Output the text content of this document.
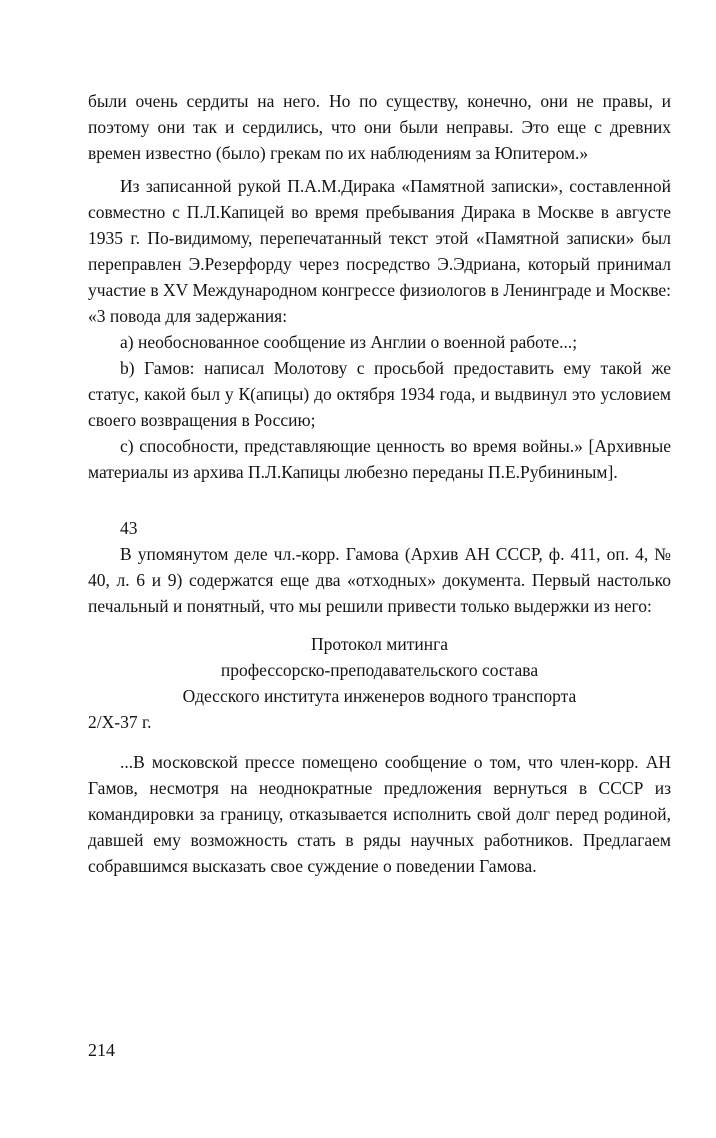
были очень сердиты на него. Но по существу, конечно, они не правы, и поэтому они так и сердились, что они были неправы. Это еще с древних времен известно (было) грекам по их наблюдениям за Юпитером.»

Из записанной рукой П.А.М.Дирака «Памятной записки», составленной совместно с П.Л.Капицей во время пребывания Дирака в Москве в августе 1935 г. По-видимому, перепечатанный текст этой «Памятной записки» был переправлен Э.Резерфорду через посредство Э.Эдриана, который принимал участие в XV Международном конгрессе физиологов в Ленинграде и Москве: «3 повода для задержания:

a) необоснованное сообщение из Англии о военной работе...;

b) Гамов: написал Молотову с просьбой предоставить ему такой же статус, какой был у К(апицы) до октября 1934 года, и выдвинул это условием своего возвращения в Россию;

c) способности, представляющие ценность во время войны.» [Архивные материалы из архива П.Л.Капицы любезно переданы П.Е.Рубининым].

43

В упомянутом деле чл.-корр. Гамова (Архив АН СССР, ф. 411, оп. 4, № 40, л. 6 и 9) содержатся еще два «отходных» документа. Первый настолько печальный и понятный, что мы решили привести только выдержки из него:

Протокол митинга

профессорско-преподавательского состава

Одесского института инженеров водного транспорта

2/Х-37 г.

...В московской прессе помещено сообщение о том, что член-корр. АН Гамов, несмотря на неоднократные предложения вернуться в СССР из командировки за границу, отказывается исполнить свой долг перед родиной, давшей ему возможность стать в ряды научных работников. Предлагаем собравшимся высказать свое суждение о поведении Гамова.

214
